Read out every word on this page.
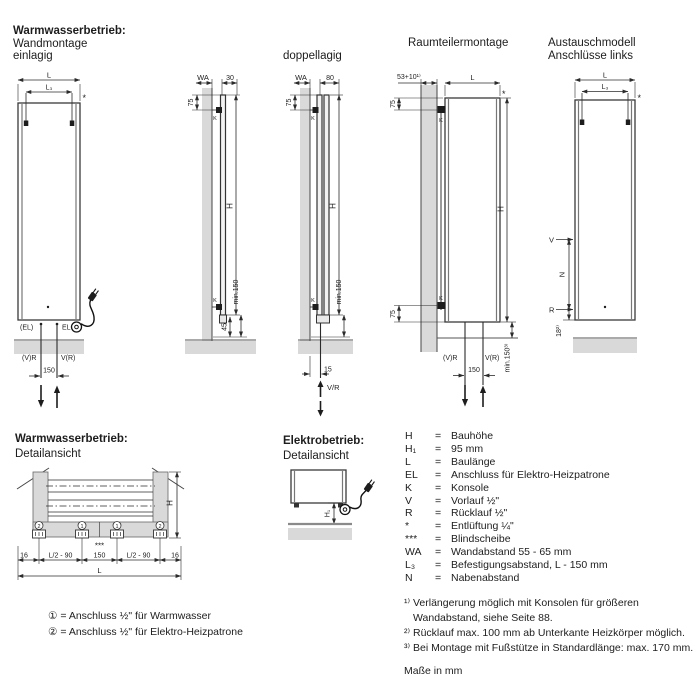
Warmwasserbetrieb:
Wandmontage
einlagig	doppellagig
Raumteilermontage	Austauschmodell
Anschlüsse links
Warmwasserbetrieb:
Detailansicht
Elektrobetrieb:
Detailansicht
L
L₃
*
(EL)	EL
(V)R	V(R)
150
K
K
WA 30
75
H
45
min.150
K
K
WA	80
75
H
min.150
15
V/R
K
K
53+10¹⁾	L
*
75
75
H
(V)R	V(R)
150	min.150³⁾
L
L₃
*
V
R
N
18²⁾
2	1	1	2
H
***
16	L/2 - 90	150	L/2 - 90	16
L
H₁
H	= Bauhöhe
H₁	= 95 mm
L	= Baulänge
EL	= Anschluss für Elektro-Heizpatrone
K	= Konsole
V	= Vorlauf ½"
R	= Rücklauf ½"
*	= Entlüftung ¼"
***	= Blindscheibe
WA	= Wandabstand 55 - 65 mm
L₃	= Befestigungsabstand, L - 150 mm
N	= Nabenabstand
① = Anschluss ½" für Warmwasser
② = Anschluss ½" für Elektro-Heizpatrone
¹⁾ Verlängerung möglich mit Konsolen für größeren
Wandabstand, siehe Seite 88.
²⁾ Rücklauf max. 100 mm ab Unterkante Heizkörper möglich.
³⁾ Bei Montage mit Fußstütze in Standardlänge: max. 170 mm.
Maße in mm
